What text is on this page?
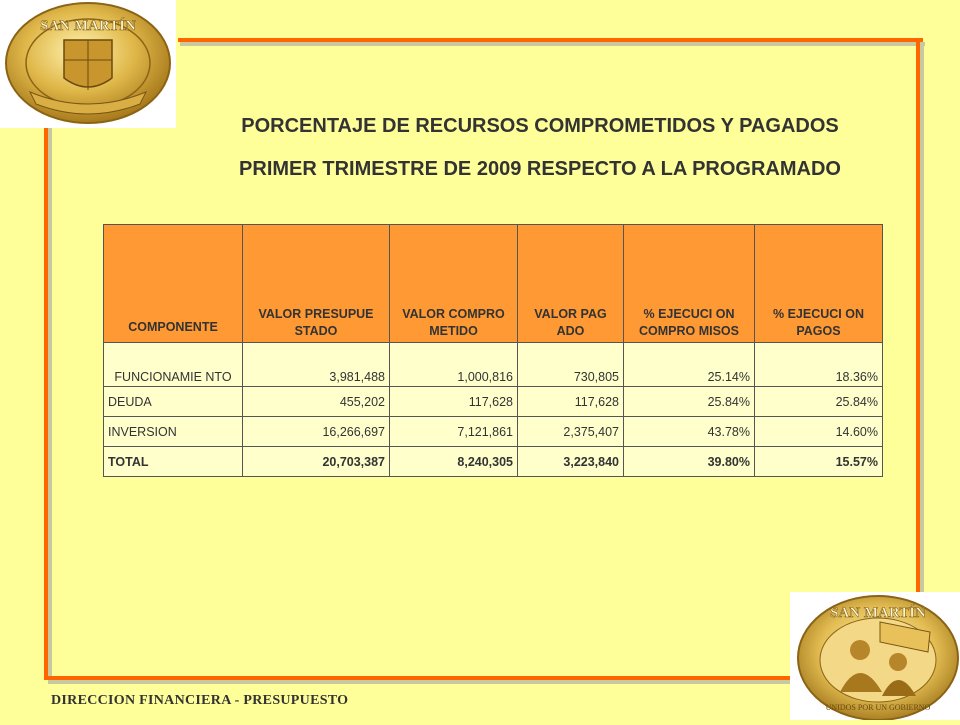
SAN MARTÍN
PORCENTAJE DE RECURSOS COMPROMETIDOS Y PAGADOS
PRIMER TRIMESTRE DE 2009 RESPECTO A LA PROGRAMADO
COMPONENTE	VALOR PRESUPUE STADO	VALOR COMPRO METIDO	VALOR PAG ADO	% EJECUCI ON COMPRO MISOS	% EJECUCI ON PAGOS
FUNCIONAMIE NTO	3,981,488	1,000,816	730,805	25.14%	18.36%
DEUDA	455,202	117,628	117,628	25.84%	25.84%
INVERSION	16,266,697	7,121,861	2,375,407	43.78%	14.60%
TOTAL	20,703,387	8,240,305	3,223,840	39.80%	15.57%
SAN MARTÍN
UNIDOS POR UN GOBIERNO
DIRECCION FINANCIERA - PRESUPUESTO
